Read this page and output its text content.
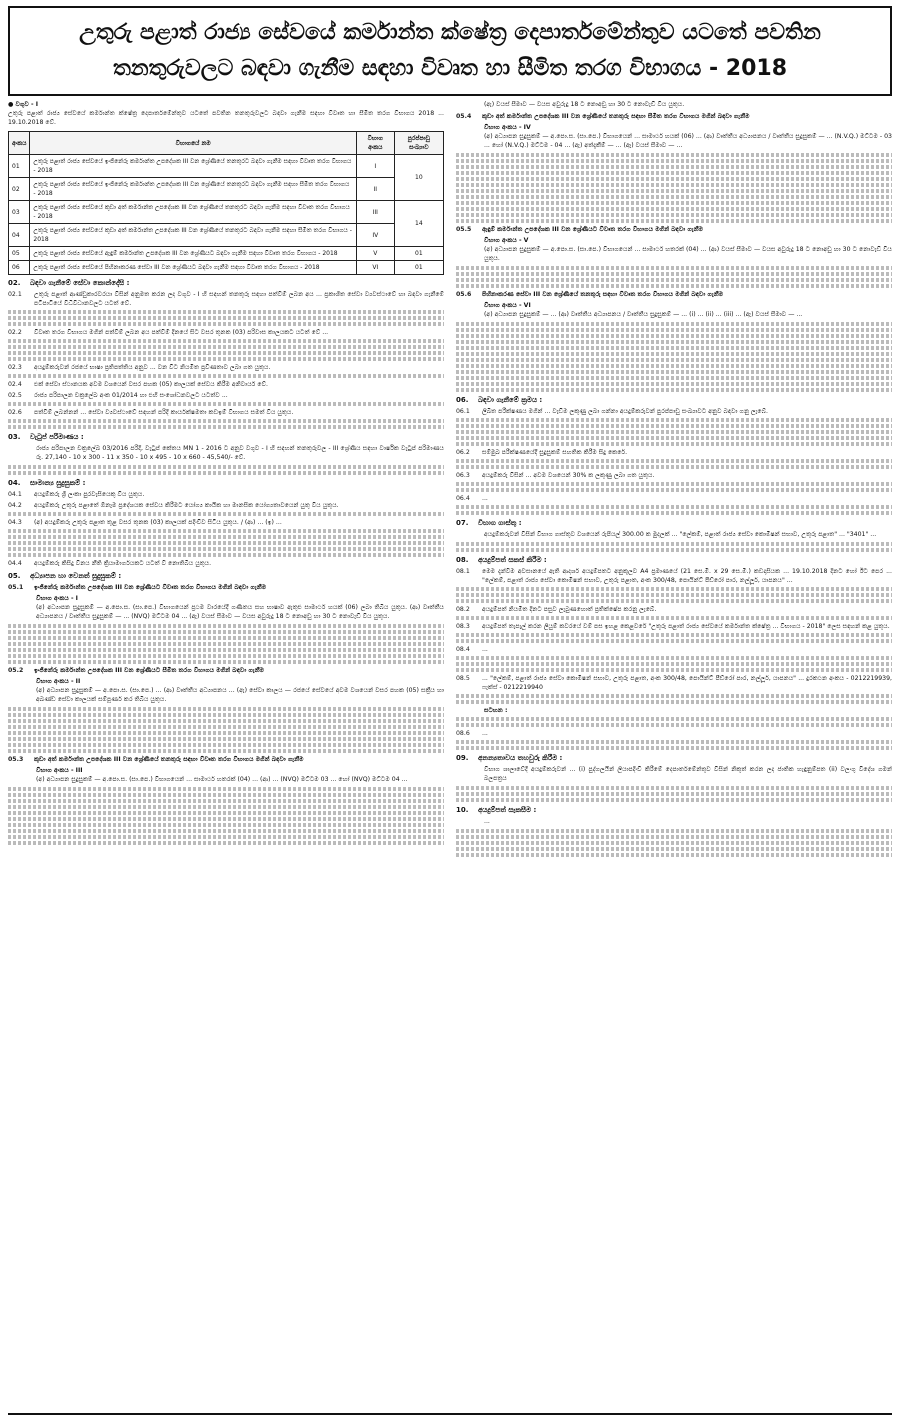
උතුරු පළාත් රාජ්‍ය සේවයේ කර්මාන්ත ක්ෂේත්‍ර දෙපාර්තමේන්තුව යටතේ පවතින
තනතුරුවලට බඳවා ගැනීම සඳහා විවෘත හා සීමිත තරග විභාගය - 2018
● වගුව - I

උතුරු පළාත් රාජ්‍ය සේවයේ කර්මාන්ත ක්ෂේත්‍ර දෙපාර්තමේන්තුව යටතේ පවතින තනතුරුවලට බඳවා ගැනීම සඳහා විවෘත හා සීමිත තරග විභාගය 2018 ... 19.10.2018 වේ.

අංකය	විභාගයේ නම	විභාග අංකය	පුරප්පාඩු සංඛ්‍යාව
01	උතුරු පළාත් රාජ්‍ය සේවයේ ඉංජිනේරු කර්මාන්ත උපදේශක III වන ශ්‍රේණියේ තනතුරට බඳවා ගැනීම සඳහා විවෘත තරග විභාගය - 2018	I	10
02	උතුරු පළාත් රාජ්‍ය සේවයේ ඉංජිනේරු කර්මාන්ත උපදේශක III වන ශ්‍රේණියේ තනතුරට බඳවා ගැනීම සඳහා සීමිත තරග විභාගය - 2018	II	
03	උතුරු පළාත් රාජ්‍ය සේවයේ කුඩා අත් කර්මාන්ත උපදේශක III වන ශ්‍රේණියේ තනතුරට බඳවා ගැනීම සඳහා විවෘත තරග විභාගය - 2018	III	14
04	උතුරු පළාත් රාජ්‍ය සේවයේ කුඩා අත් කර්මාන්ත උපදේශක III වන ශ්‍රේණියේ තනතුරට බඳවා ගැනීම සඳහා සීමිත තරග විභාගය - 2018	IV	
05	උතුරු පළාත් රාජ්‍ය සේවයේ ඇඳුම් කර්මාන්ත උපදේශක III වන ශ්‍රේණියට බඳවා ගැනීම සඳහා විවෘත තරග විභාගය - 2018	V	01
06	උතුරු පළාත් රාජ්‍ය සේවයේ පිහිනාකරණ සේවා III වන ශ්‍රේණියට බඳවා ගැනීම සඳහා විවෘත තරග විභාගය - 2018	VI	01
02.	බඳවා ගැනීමේ සේවා කොන්දේසි :
02.1	උතුරු පළාත් ආණ්ඩුකාරවරයා විසින් අනුමත කරන ලද වගුව - I හි සඳහන් තනතුරු සඳහා පත්වීම් ලබන අය ... ප්‍රකාශිත සේවා ව්‍යවස්ථාවේ හා බඳවා ගැනීමේ පටිපාටියේ විධිවිධානවලට යටත් වේ.
02.2	විවෘත තරග විභාගය මගින් පත්වීම් ලබන අය පත්වීම් දිනයේ සිට වසර තුනක (03) පරිවාස කාලයකට යටත් වේ ...
02.3	අයදුම්කරුවන් රජයේ භාෂා ප්‍රතිපත්තිය අනුව ... වන විට නියමිත ප්‍රවීණතාව ලබා ගත යුතුය.
02.4	එක් සේවා ස්ථානයක අවම වශයෙන් වසර පහක (05) කාලයක් සේවය කිරීම අනිවාර්ය වේ.
02.5	රාජ්‍ය පරිපාලන චක්‍රලේඛ අංක 01/2014 හා එහි සංශෝධනවලට යටත්ව ...
02.6	පත්වීම් ලබන්නන් ... සේවා ව්‍යවස්ථාවේ සඳහන් පරිදි කාර්යක්ෂමතා කඩඉම් විභාගය සමත් විය යුතුය.
03.	වැටුප් පරිමාණය :

රාජ්‍ය පරිපාලන චක්‍රලේඛ 03/2016 පරිදි, වැටුප් කේතය MN 1 - 2016 ට අනුව වගුව - I හි සඳහන් තනතුරුවල - III ශ්‍රේණිය සඳහා වාර්ෂික වැටුප් පරිමාණය රු. 27,140 - 10 x 300 - 11 x 350 - 10 x 495 - 10 x 660 - 45,540/- වේ.

04.	සාමාන්‍ය සුදුසුකම් :
04.1	අයදුම්කරු ශ්‍රී ලංකා පුරවැසියෙකු විය යුතුය.
04.2	අයදුම්කරු උතුරු පළාතේ ඕනෑම ප්‍රදේශයක සේවය කිරීමට යෝග්‍ය කායික හා මානසික යෝග්‍යතාවයෙන් යුතු විය යුතුය.
04.3	(අ) අයදුම්කරු උතුරු පළාත තුළ වසර තුනක (03) කාලයක් පදිංචිව සිටිය යුතුය. / (ආ) ... (ඉ) ...
04.4	අයදුම්කරු කිසිදු විනය නීති ක්‍රියාමාර්ගයකට යටත් වී නොතිබිය යුතුය.
05.	අධ්‍යාපන හා වෙනත් සුදුසුකම් :
05.1	ඉංජිනේරු කර්මාන්ත උපදේශක III වන ශ්‍රේණියට විවෘත තරග විභාගය මගින් බඳවා ගැනීම
විභාග අංකය - I

(අ) අධ්‍යාපන සුදුසුකම් — අ.පො.ස. (සා.පෙ.) විභාගයෙන් ප්‍රථම වාරයේදී ගණිතය සහ භාෂාව ඇතුළු සාමාර්ථ හයක් (06) ලබා තිබිය යුතුය. (ආ) වෘත්තීය අධ්‍යාපනය / වෘත්තීය සුදුසුකම් — ... (NVQ) මට්ටම 04 ... (ඇ) වයස් සීමාව — වයස අවුරුදු 18 ට නොඅඩු හා 30 ට නොවැඩි විය යුතුය.

05.2	ඉංජිනේරු කර්මාන්ත උපදේශක III වන ශ්‍රේණියට සීමිත තරග විභාගය මගින් බඳවා ගැනීම
විභාග අංකය - II

(අ) අධ්‍යාපන සුදුසුකම් — අ.පො.ස. (සා.පෙ.) ... (ආ) වෘත්තීය අධ්‍යාපනය ... (ඇ) සේවා කාලය — රජයේ සේවයේ අවම වශයෙන් වසර පහක (05) සක්‍රීය හා අඛණ්ඩ සේවා කාලයක් සම්පූර්ණ කර තිබිය යුතුය.

05.3	කුඩා අත් කර්මාන්ත උපදේශක III වන ශ්‍රේණියේ තනතුරු සඳහා විවෘත තරග විභාගය මගින් බඳවා ගැනීම
විභාග අංකය - III

(අ) අධ්‍යාපන සුදුසුකම් — අ.පො.ස. (සා.පෙ.) විභාගයෙන් ... සාමාර්ථ හතරක් (04) ... (ආ) ... (NVQ) මට්ටම 03 ... හෝ (NVQ) මට්ටම 04 ...

(ඇ) වයස් සීමාව — වයස අවුරුදු 18 ට නොඅඩු හා 30 ට නොවැඩි විය යුතුය.

05.4	කුඩා අත් කර්මාන්ත උපදේශක III වන ශ්‍රේණියේ තනතුරු සඳහා සීමිත තරග විභාගය මගින් බඳවා ගැනීම
විභාග අංකය - IV

(අ) අධ්‍යාපන සුදුසුකම් — අ.පො.ස. (සා.පෙ.) විභාගයෙන් ... සාමාර්ථ හයක් (06) ... (ආ) වෘත්තීය අධ්‍යාපනය / වෘත්තීය සුදුසුකම් — ... (N.V.Q.) මට්ටම - 03 ... හෝ (N.V.Q.) මට්ටම - 04 ... (ඇ) අත්දැකීම් — ... (ඈ) වයස් සීමාව — ...

05.5	ඇඳුම් කර්මාන්ත උපදේශක III වන ශ්‍රේණියට විවෘත තරග විභාගය මගින් බඳවා ගැනීම
විභාග අංකය - V

(අ) අධ්‍යාපන සුදුසුකම් — අ.පො.ස. (සා.පෙ.) විභාගයෙන් ... සාමාර්ථ හතරක් (04) ... (ආ) වයස් සීමාව — වයස අවුරුදු 18 ට නොඅඩු හා 30 ට නොවැඩි විය යුතුය.

05.6	පිහිනාකරණ සේවා III වන ශ්‍රේණියේ තනතුරු සඳහා විවෘත තරග විභාගය මගින් බඳවා ගැනීම
විභාග අංකය - VI

(අ) අධ්‍යාපන සුදුසුකම් — ... (ආ) වෘත්තීය අධ්‍යාපනය / වෘත්තීය සුදුසුකම් — ... (i) ... (ii) ... (iii) ... (ඇ) වයස් සීමාව — ...

06.	බඳවා ගැනීමේ ක්‍රමය :
06.1	ලිඛිත පරීක්ෂණය මගින් ... වැඩිම ලකුණු ලබා ගන්නා අයදුම්කරුවන් පුරප්පාඩු සංඛ්‍යාවට අනුව බඳවා ගනු ලැබේ.
06.2	සම්මුඛ පරීක්ෂණයේදී සුදුසුකම් සහතික කිරීම සිදු කෙරේ.
06.3	අයදුම්කරු විසින් ... අවම වශයෙන් 30% ක ලකුණු ලබා ගත යුතුය.
06.4	...
07.	විභාග ගාස්තු :

අයදුම්කරුවන් විසින් විභාග ගාස්තුව වශයෙන් රුපියල් 300.00 ක මුදලක් ... "ලේකම්, පළාත් රාජ්‍ය සේවා කොමිෂන් සභාව, උතුරු පළාත" ... "3401" ...

08.	අයදුම්පත් සකස් කිරීම :
08.1	මෙම දැන්වීම අවසානයේ ඇති ආදර්ශ අයදුම්පතට අනුකූලව A4 ප්‍රමාණයේ (21 සෙ.මී. x 29 සෙ.මී.) කඩදාසියක ... 19.10.2018 දිනට හෝ ඊට පෙර ... "ලේකම්, පළාත් රාජ්‍ය සේවා කොමිෂන් සභාව, උතුරු පළාත, අංක 300/48, පොයින්ට් පීඩ්රෝ පාර, නල්ලූර්, යාපනය" ...
08.2	අයදුම්පත් නියමිත දිනට පසුව ලැබුණහොත් ප්‍රතික්ෂේප කරනු ලැබේ.
08.3	අයදුම්පත් තැපැල් කරන ලියුම් කවරයේ වම් පස ඉහළ කෙළවරේ "උතුරු පළාත් රාජ්‍ය සේවයේ කර්මාන්ත ක්ෂේත්‍ර ... විභාගය - 2018" ලෙස සඳහන් කළ යුතුය.
08.4	...
08.5	... "ලේකම්, පළාත් රාජ්‍ය සේවා කොමිෂන් සභාව, උතුරු පළාත, අංක 300/48, පොයින්ට් පීඩ්රෝ පාර, නල්ලූර්, යාපනය" ... දුරකථන අංකය - 0212219939, ෆැක්ස් - 0212219940
සටහන :
08.6	...
09.	අනන්‍යතාවය තහවුරු කිරීම :

විභාග ශාලාවේදී අයදුම්කරුවන් ... (i) පුද්ගලයින් ලියාපදිංචි කිරීමේ දෙපාර්තමේන්තුව විසින් නිකුත් කරන ලද ජාතික හැඳුනුම්පත (ii) වලංගු විදේශ ගමන් බලපත්‍රය

10.	අයදුම්පත් සැකසීම :

...
